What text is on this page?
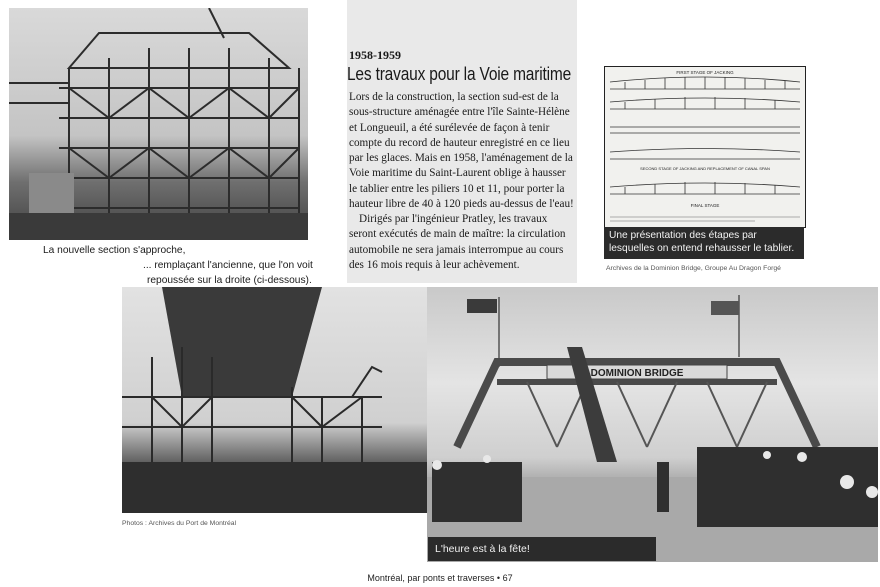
La nouvelle section s'approche,
... remplaçant l'ancienne, que l'on voit
repoussée sur la droite (ci-dessous).
1958-1959
Les travaux pour la Voie maritime
Lors de la construction, la section sud-est de la sous-structure aménagée entre l'île Sainte-Hélène et Longueuil, a été surélevée de façon à tenir compte du record de hauteur enregistré en ce lieu par les glaces. Mais en 1958, l'aménagement de la Voie maritime du Saint-Laurent oblige à hausser le tablier entre les piliers 10 et 11, pour porter la hauteur libre de 40 à 120 pieds au-dessus de l'eau!
Dirigés par l'ingénieur Pratley, les travaux seront exécutés de main de maître: la circulation automobile ne sera jamais interrompue au cours des 16 mois requis à leur achèvement.
FIRST STAGE OF JACKING
SECOND STAGE OF JACKING AND REPLACEMENT OF CANAL SPAN
FINAL STAGE
Une présentation des étapes par lesquelles on entend rehausser le tablier.
Archives de la Dominion Bridge, Groupe Au Dragon Forgé
Photos : Archives du Port de Montréal
DOMINION BRIDGE
L'heure est à la fête!
Montréal, par ponts et traverses • 67
